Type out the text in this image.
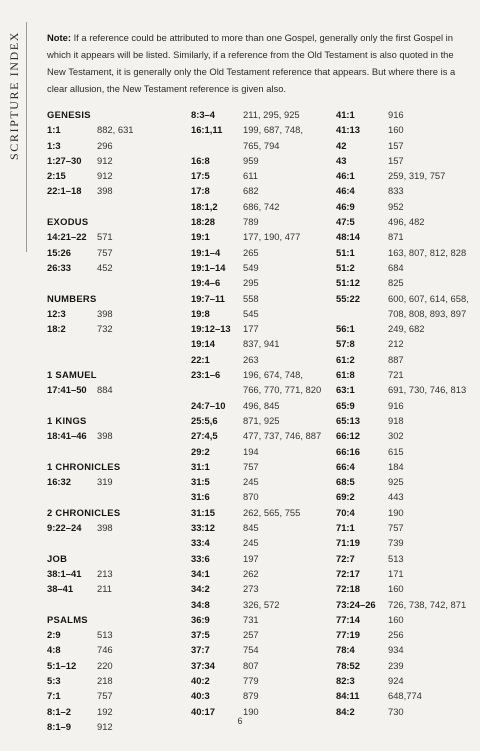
SCRIPTURE INDEX	Note: If a reference could be attributed to more than one Gospel, generally only the first Gospel in which it appears will be listed. Similarly, if a reference from the Old Testament is also quoted in the New Testament, it is generally only the Old Testament reference that appears. But where there is a clear allusion, the New Testament reference is given also.
GENESIS
1:1	882, 631
1:3	296
1:27–30	912
2:15	912
22:1–18	398
EXODUS
14:21–22	571
15:26	757
26:33	452
NUMBERS
12:3	398
18:2	732
1 SAMUEL
17:41–50	884
1 KINGS
18:41–46	398
1 CHRONICLES
16:32	319
2 CHRONICLES
9:22–24	398
JOB
38:1–41	213
38–41	211
PSALMS
2:9	513
4:8	746
5:1–12	220
5:3	218
7:1	757
8:1–2	192
8:1–9	912
8:3–4	211, 295, 925
16:1,11	199, 687, 748,
765, 794
16:8	959
17:5	611
17:8	682
18:1,2	686, 742
18:28	789
19:1	177, 190, 477
19:1–4	265
19:1–14	549
19:4–6	295
19:7–11	558
19:8	545
19:12–13	177
19:14	837, 941
22:1	263
23:1–6	196, 674, 748,
766, 770, 771, 820
24:7–10	496, 845
25:5,6	871, 925
27:4,5	477, 737, 746, 887
29:2	194
31:1	757
31:5	245
31:6	870
31:15	262, 565, 755
33:12	845
33:4	245
33:6	197
34:1	262
34:2	273
34:8	326, 572
36:9	731
37:5	257
37:7	754
37:34	807
40:2	779
40:3	879
40:17	190
41:1	916
41:13	160
42	157
43	157
46:1	259, 319, 757
46:4	833
46:9	952
47:5	496, 482
48:14	871
51:1	163, 807, 812, 828
51:2	684
51:12	825
55:22	600, 607, 614, 658,
708, 808, 893, 897
56:1	249, 682
57:8	212
61:2	887
61:8	721
63:1	691, 730, 746, 813
65:9	916
65:13	918
66:12	302
66:16	615
66:4	184
68:5	925
69:2	443
70:4	190
71:1	757
71:19	739
72:7	513
72:17	171
72:18	160
73:24–26	726, 738, 742, 871
77:14	160
77:19	256
78:4	934
78:52	239
82:3	924
84:11	648,774
84:2	730
6
